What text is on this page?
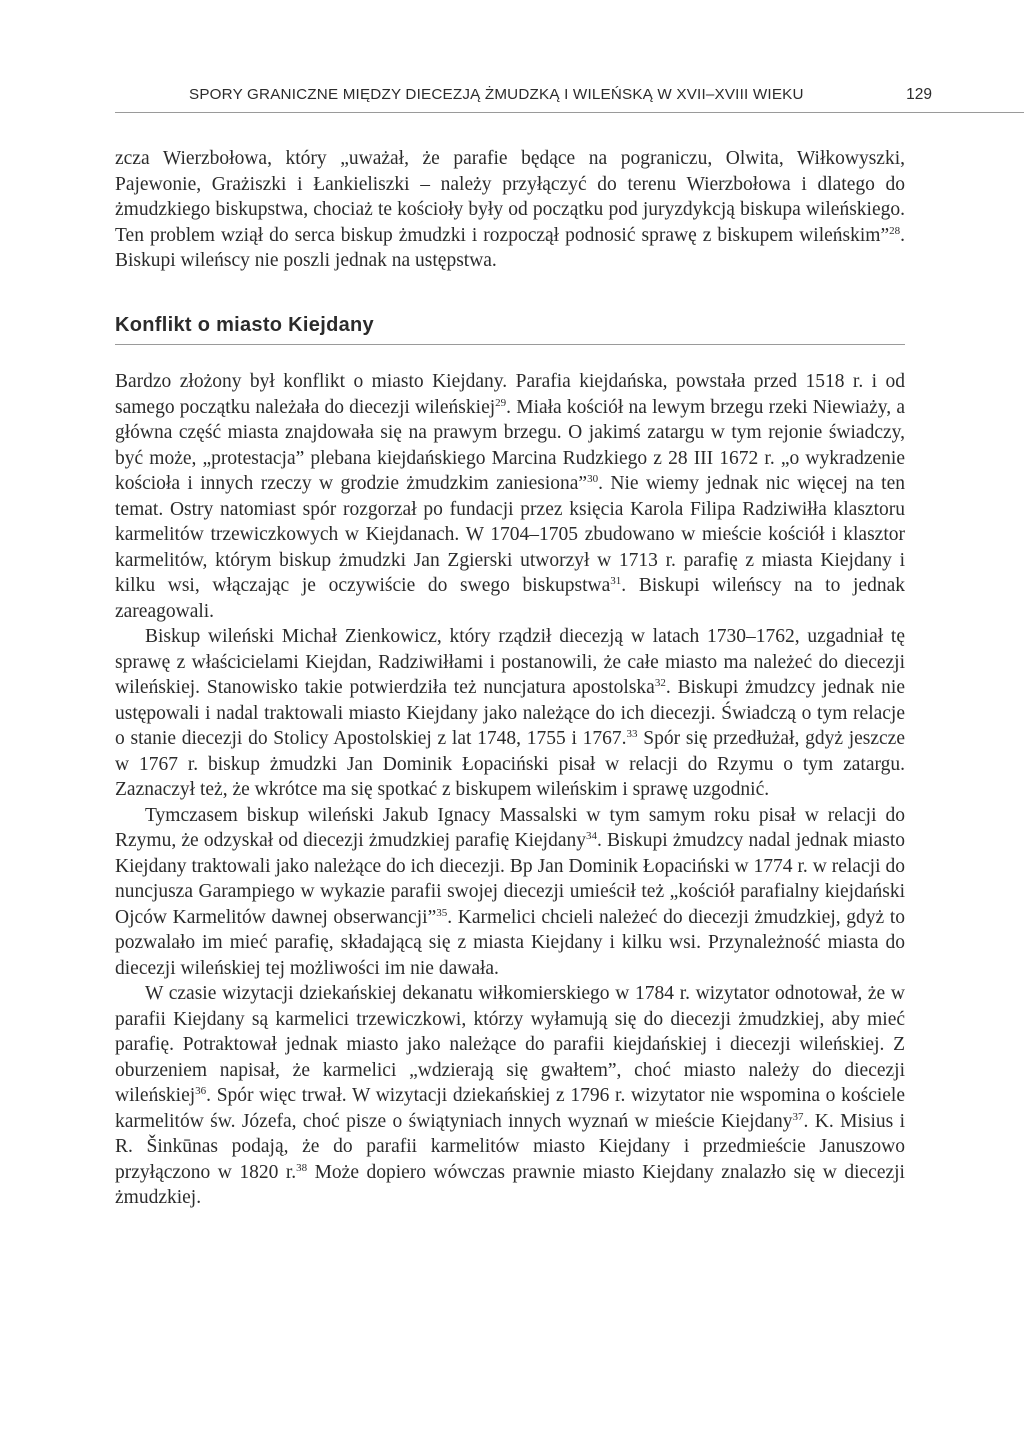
SPORY GRANICZNE MIĘDZY DIECEZJĄ ŻMUDZKĄ I WILEŃSKĄ W XVII–XVIII WIEKU	129

zcza Wierzbołowa, który „uważał, że parafie będące na pograniczu, Olwita, Wiłkowyszki, Pajewonie, Grażiszki i Łankieliszki – należy przyłączyć do terenu Wierzbołowa i dlatego do żmudzkiego biskupstwa, chociaż te kościoły były od początku pod juryzdykcją biskupa wileńskiego. Ten problem wziął do serca biskup żmudzki i rozpoczął podnosić sprawę z biskupem wileńskim”$^{28}$. Biskupi wileńscy nie poszli jednak na ustępstwa.

Konflikt o miasto Kiejdany

Bardzo złożony był konflikt o miasto Kiejdany. Parafia kiejdańska, powstała przed 1518 r. i od samego początku należała do diecezji wileńskiej$^{29}$. Miała kościół na lewym brzegu rzeki Niewiaży, a główna część miasta znajdowała się na prawym brzegu. O jakimś zatargu w tym rejonie świadczy, być może, „protestacja” plebana kiejdańskiego Marcina Rudzkiego z 28 III 1672 r. „o wykradzenie kościoła i innych rzeczy w grodzie żmudzkim zaniesiona”$^{30}$. Nie wiemy jednak nic więcej na ten temat. Ostry natomiast spór rozgorzał po fundacji przez księcia Karola Filipa Radziwiłła klasztoru karmelitów trzewiczkowych w Kiejdanach. W 1704–1705 zbudowano w mieście kościół i klasztor karmelitów, którym biskup żmudzki Jan Zgierski utworzył w 1713 r. parafię z miasta Kiejdany i kilku wsi, włączając je oczywiście do swego biskupstwa$^{31}$. Biskupi wileńscy na to jednak zareagowali.

Biskup wileński Michał Zienkowicz, który rządził diecezją w latach 1730–1762, uzgadniał tę sprawę z właścicielami Kiejdan, Radziwiłłami i postanowili, że całe miasto ma należeć do diecezji wileńskiej. Stanowisko takie potwierdziła też nuncjatura apostolska$^{32}$. Biskupi żmudzcy jednak nie ustępowali i nadal traktowali miasto Kiejdany jako należące do ich diecezji. Świadczą o tym relacje o stanie diecezji do Stolicy Apostolskiej z lat 1748, 1755 i 1767.33 Spór się przedłużał, gdyż jeszcze w 1767 r. biskup żmudzki Jan Dominik Łopaciński pisał w relacji do Rzymu o tym zatargu. Zaznaczył też, że wkrótce ma się spotkać z biskupem wileńskim i sprawę uzgodnić.

Tymczasem biskup wileński Jakub Ignacy Massalski w tym samym roku pisał w relacji do Rzymu, że odzyskał od diecezji żmudzkiej parafię Kiejdany$^{34}$. Biskupi żmudzcy nadal jednak miasto Kiejdany traktowali jako należące do ich diecezji. Bp Jan Dominik Łopaciński w 1774 r. w relacji do nuncjusza Garampiego w wykazie parafii swojej diecezji umieścił też „kościół parafialny kiejdański Ojców Karmelitów dawnej obserwancji”$^{35}$. Karmelici chcieli należeć do diecezji żmudzkiej, gdyż to pozwalało im mieć parafię, składającą się z miasta Kiejdany i kilku wsi. Przynależność miasta do diecezji wileńskiej tej możliwości im nie dawała.

W czasie wizytacji dziekańskiej dekanatu wiłkomierskiego w 1784 r. wizytator odnotował, że w parafii Kiejdany są karmelici trzewiczkowi, którzy wyłamują się do diecezji żmudzkiej, aby mieć parafię. Potraktował jednak miasto jako należące do parafii kiejdańskiej i diecezji wileńskiej. Z oburzeniem napisał, że karmelici „wdzierają się gwałtem”, choć miasto należy do diecezji wileńskiej$^{36}$. Spór więc trwał. W wizytacji dziekańskiej z 1796 r. wizytator nie wspomina o kościele karmelitów św. Józefa, choć pisze o świątyniach innych wyznań w mieście Kiejdany$^{37}$. K. Misius i R. Šinkūnas podają, że do parafii karmelitów miasto Kiejdany i przedmieście Januszowo przyłączono w 1820 r.$^{38}$ Może dopiero wówczas prawnie miasto Kiejdany znalazło się w diecezji żmudzkiej.
